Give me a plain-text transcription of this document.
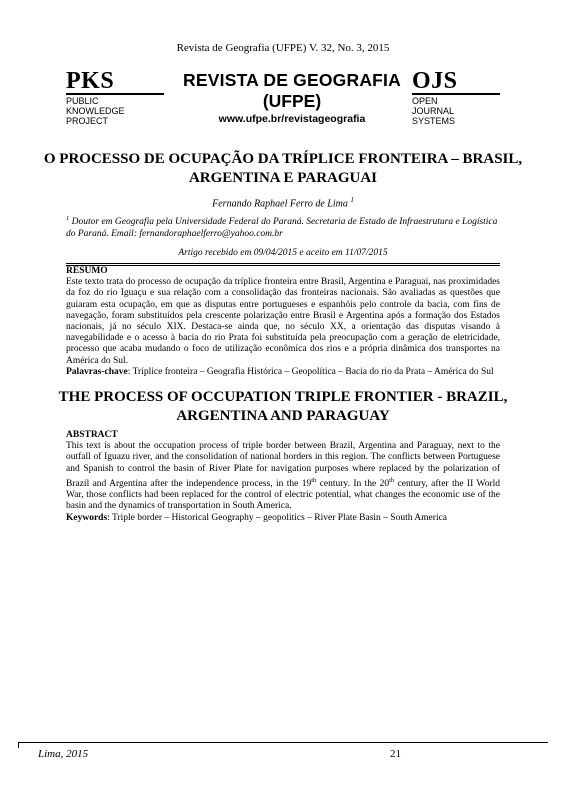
Revista de Geografia (UFPE) V. 32, No. 3, 2015
PKS
PUBLIC
KNOWLEDGE
PROJECT
REVISTA DE GEOGRAFIA
(UFPE)
www.ufpe.br/revistageografia
OJS
OPEN
JOURNAL
SYSTEMS
O PROCESSO DE OCUPAÇÃO DA TRÍPLICE FRONTEIRA – BRASIL, ARGENTINA E PARAGUAI
Fernando Raphael Ferro de Lima $^1$
$^1$ Doutor em Geografia pela Universidade Federal do Paraná. Secretaria de Estado de Infraestrutura e Logística do Paraná. Email: fernandoraphaelferro@yahoo.com.br
Artigo recebido em 09/04/2015 e aceito em 11/07/2015
RESUMO
Este texto trata do processo de ocupação da tríplice fronteira entre Brasil, Argentina e Paraguai, nas proximidades da foz do rio Iguaçu e sua relação com a consolidação das fronteiras nacionais. São avaliadas as questões que guiaram esta ocupação, em que as disputas entre portugueses e espanhóis pelo controle da bacia, com fins de navegação, foram substituídos pela crescente polarização entre Brasil e Argentina após a formação dos Estados nacionais, já no século XIX. Destaca-se ainda que, no século XX, a orientação das disputas visando à navegabilidade e o acesso à bacia do rio Prata foi substituída pela preocupação com a geração de eletricidade, processo que acaba mudando o foco de utilização econômica dos rios e a própria dinâmica dos transportes na América do Sul.
Palavras-chave: Tríplice fronteira – Geografia Histórica – Geopolítica – Bacia do rio da Prata – América do Sul
THE PROCESS OF OCCUPATION TRIPLE FRONTIER - BRAZIL, ARGENTINA AND PARAGUAY
ABSTRACT
This text is about the occupation process of triple border between Brazil, Argentina and Paraguay, next to the outfall of Iguazu river, and the consolidation of national borders in this region. The conflicts between Portuguese and Spanish to control the basin of River Plate for navigation purposes where replaced by the polarization of Brazil and Argentina after the independence process, in the 19th century. In the 20th century, after the II World War, those conflicts had been replaced for the control of electric potential, what changes the economic use of the basin and the dynamics of transportation in South America.
Keywords: Triple border – Historical Geography – geopolitics – River Plate Basin – South America
Lima, 2015	21
